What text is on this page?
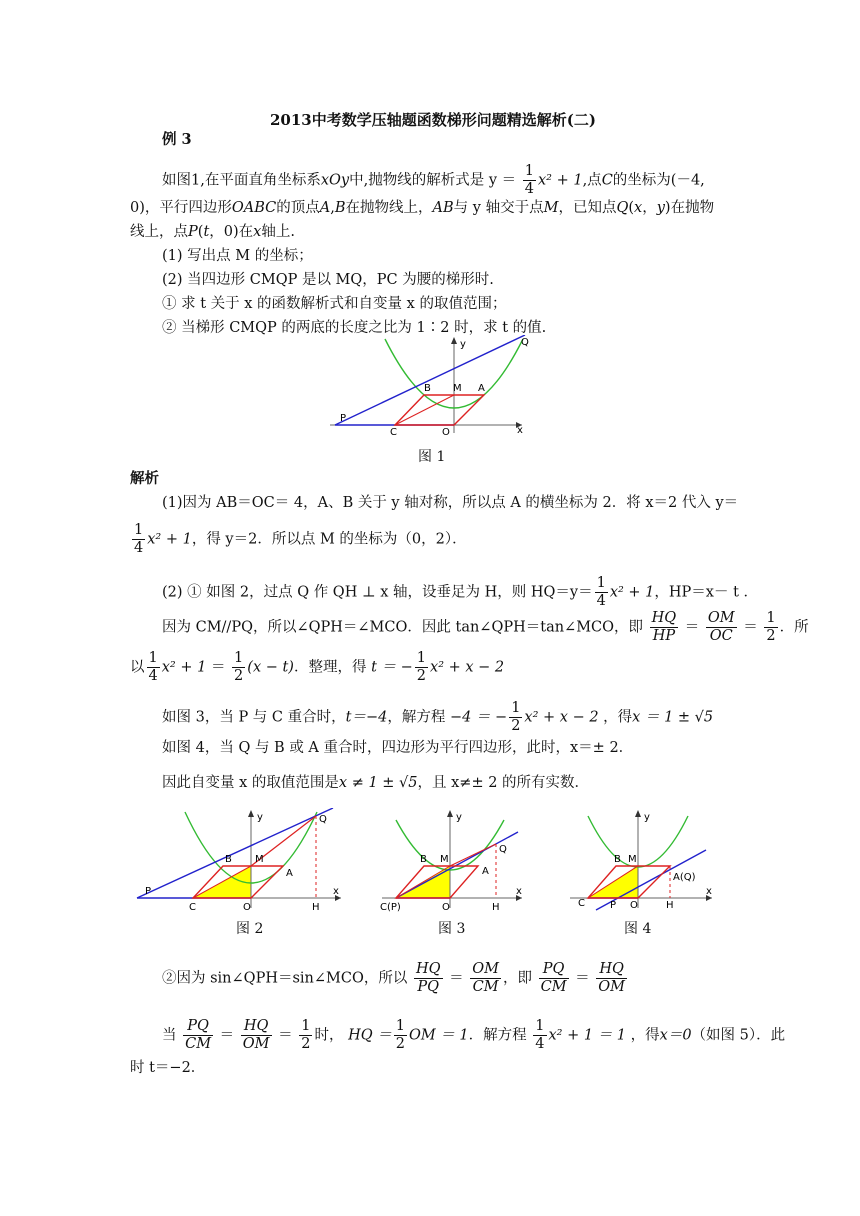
2013中考数学压轴题函数梯形问题精选解析(二)
例 3
如图1,在平面直角坐标系xOy中,抛物线的解析式是 $y = \frac{1}{4} x^2 + 1$,点C的坐标为(－4,
0)，平行四边形OABC的顶点A,B在抛物线上，AB与 y 轴交于点M，已知点Q(x，y)在抛物
线上，点P(t，0)在x轴上.
(1) 写出点 M 的坐标；
(2) 当四边形 CMQP 是以 MQ，PC 为腰的梯形时.
① 求 t 关于 x 的函数解析式和自变量 x 的取值范围；
② 当梯形 CMQP 的两底的长度之比为 1∶2 时，求 t 的值.
y	Q
B M A
P
C	O	x
图 1
解析
(1)因为 AB＝OC＝ 4，A、B 关于 y 轴对称，所以点 A 的横坐标为 2．将 x＝2 代入 y＝
$\frac{1}{4} x^2 + 1$，得 y＝2．所以点 M 的坐标为（0，2）．
(2) ① 如图 2，过点 Q 作 QH ⊥ x 轴，设垂足为 H，则 $HQ=y= \frac{1}{4} x^2 + 1$，HP＝x－ t ．
因为 CM//PQ，所以∠QPH＝∠MCO．因此 tan∠QPH＝tan∠MCO，即 $\frac{HQ}{HP} = \frac{OM}{OC} = \frac{1}{2}$ ．所
以 $\frac{1}{4} x^2 + 1 = \frac{1}{2} (x - t)$．整理，得 t ＝ − $\frac{1}{2} x^2 + x - 2$
如图 3，当 P 与 C 重合时，t＝−4，解方程 −4 ＝ − $\frac{1}{2} x^2 + x - 2$ ，得x ＝ 1 ± √5
如图 4，当 Q 与 B 或 A 重合时，四边形为平行四边形，此时，x＝± 2．
因此自变量 x 的取值范围是x ≠ 1 ± √5，且 x≠± 2 的所有实数．
y	Q
B M
A
P
C	O	H
x
图 2
y
Q
B M
A
C(P)	O	H
x
图 3
y
B M
A(Q)
C	P O	H
x
图 4
②因为 sin∠QPH＝sin∠MCO，所以 $\frac{HQ}{PQ} = \frac{OM}{CM}$ ，即 $\frac{PQ}{CM} = \frac{HQ}{OM}$
当 $\frac{PQ}{CM} = \frac{HQ}{OM} = \frac{1}{2}$ 时， HQ ＝ $\frac{1}{2}$ OM ＝ 1．解方程 $\frac{1}{4} x^2 + 1 = 1$ ，得x＝0（如图 5）．此
时 t＝−2．
